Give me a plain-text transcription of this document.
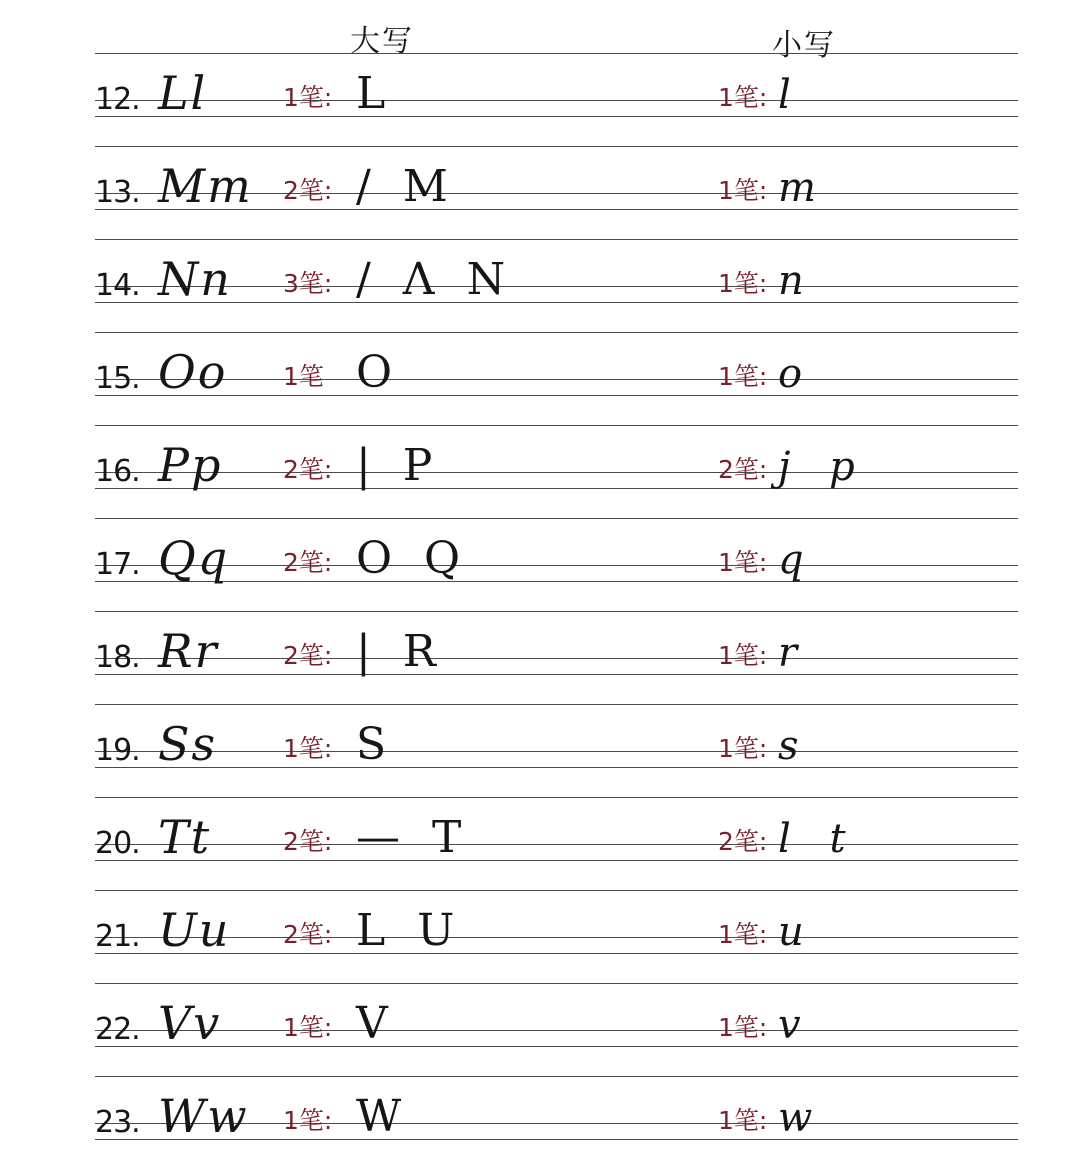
大写	小写
12. Ll	1笔: L	1笔: l
13. Mm 2笔: / M	1笔: m
14. Nn 3笔: / Λ N	1笔: n
15. Oo 1笔 O	1笔: o
16. Pp 2笔: | P	2笔: j p
17. Qq 2笔: O Q	1笔: q
18. Rr	2笔: | R	1笔: r
19. Ss	1笔: S	1笔: s
20. Tt	2笔: — T	2笔: l t
21. Uu 2笔: L U	1笔: u
22. Vv 1笔: V	1笔: v
23. Ww 1笔: W	1笔: w
